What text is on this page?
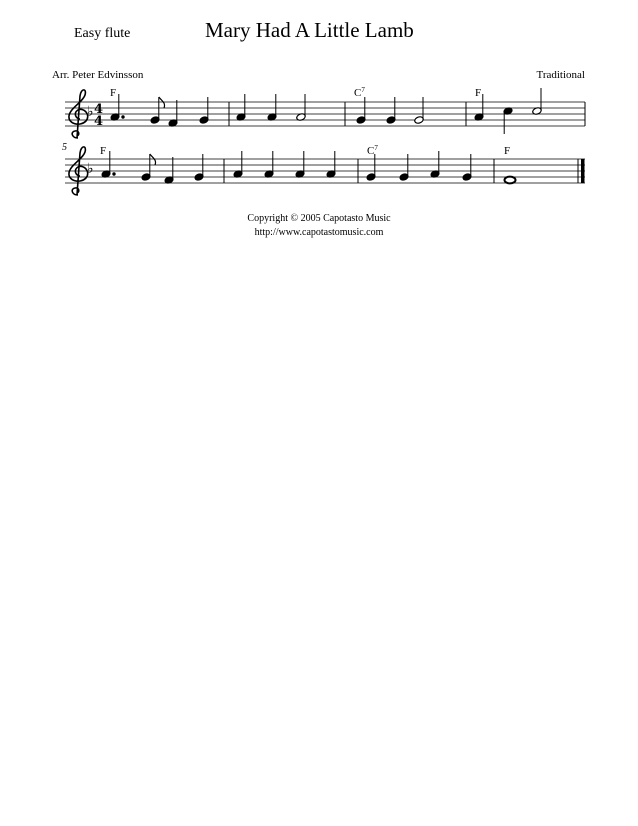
Easy flute	Mary Had A Little Lamb
Arr. Peter Edvinsson	Traditional
♭ 4
4
F	$C^7$	F
5
♭
F	$C^7$	F
Copyright © 2005 Capotasto Music
http://www.capotastomusic.com
